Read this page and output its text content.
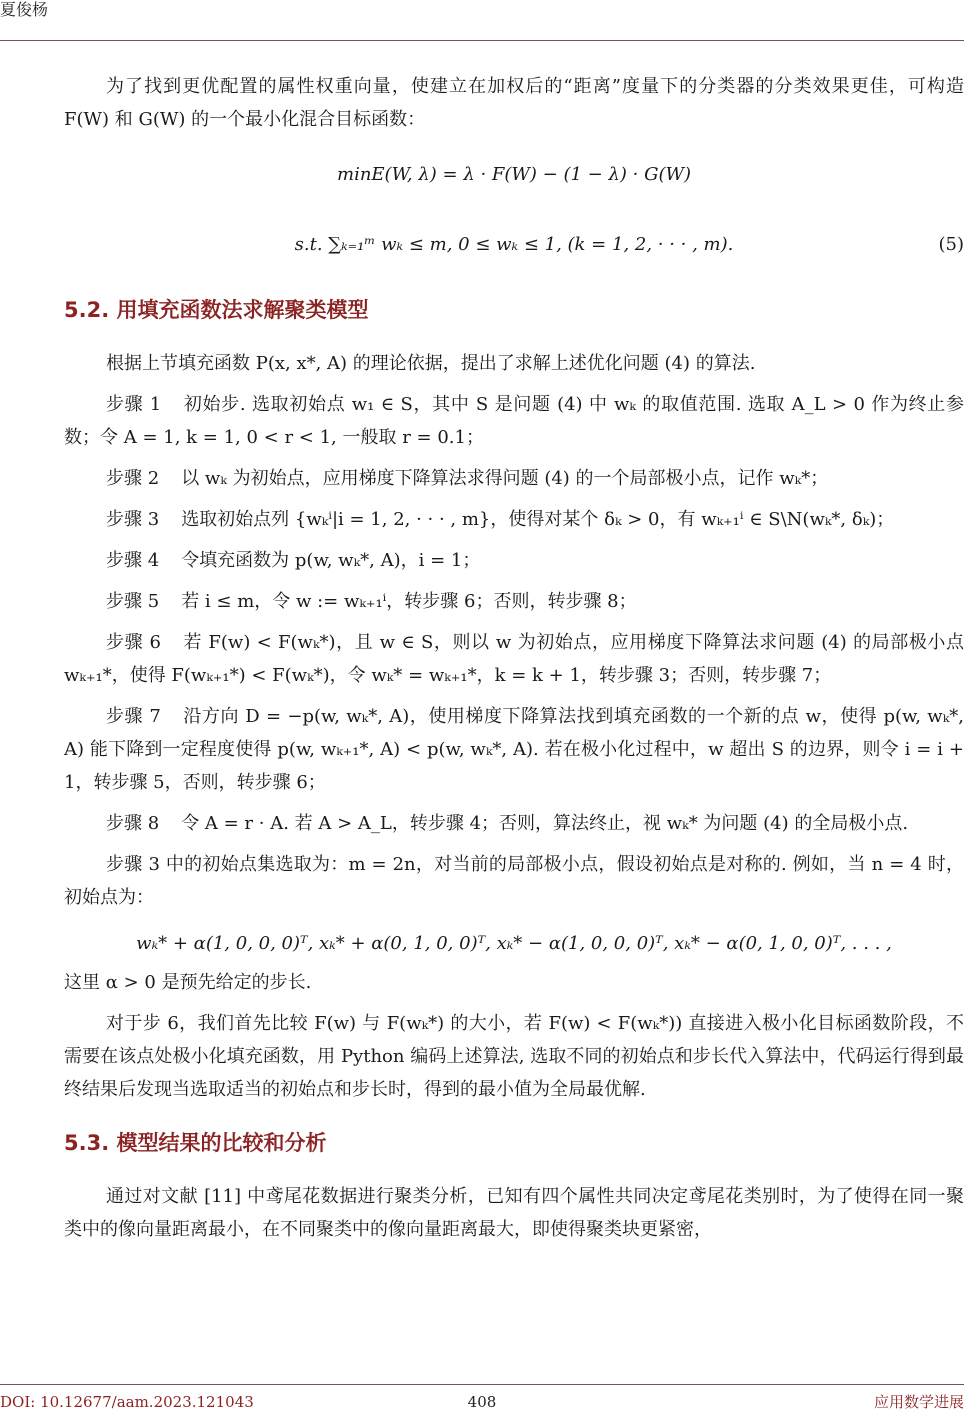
夏俊杨

为了找到更优配置的属性权重向量，使建立在加权后的“距离”度量下的分类器的分类效果更佳，可构造 F(W) 和 G(W) 的一个最小化混合目标函数：

minE(W, λ) = λ · F(W) − (1 − λ) · G(W)
s.t. ∑ₖ₌₁ᵐ wₖ ≤ m, 0 ≤ wₖ ≤ 1, (k = 1, 2, · · · , m).	(5)
5.2. 用填充函数法求解聚类模型

根据上节填充函数 P(x, x*, A) 的理论依据，提出了求解上述优化问题 (4) 的算法.

步骤 1 初始步. 选取初始点 w₁ ∈ S，其中 S 是问题 (4) 中 wₖ 的取值范围. 选取 A_L > 0 作为终止参数；令 A = 1, k = 1, 0 < r < 1, 一般取 r = 0.1；

步骤 2 以 wₖ 为初始点，应用梯度下降算法求得问题 (4) 的一个局部极小点，记作 wₖ*；

步骤 3 选取初始点列 {wₖⁱ|i = 1, 2, · · · , m}，使得对某个 δₖ > 0，有 wₖ₊₁ⁱ ∈ S\N(wₖ*, δₖ)；

步骤 4 令填充函数为 p(w, wₖ*, A)，i = 1；

步骤 5 若 i ≤ m，令 w := wₖ₊₁ⁱ，转步骤 6；否则，转步骤 8；

步骤 6 若 F(w) < F(wₖ*)，且 w ∈ S，则以 w 为初始点，应用梯度下降算法求问题 (4) 的局部极小点 wₖ₊₁*，使得 F(wₖ₊₁*) < F(wₖ*)，令 wₖ* = wₖ₊₁*，k = k + 1，转步骤 3；否则，转步骤 7；

步骤 7 沿方向 D = −p(w, wₖ*, A)，使用梯度下降算法找到填充函数的一个新的点 w，使得 p(w, wₖ*, A) 能下降到一定程度使得 p(w, wₖ₊₁*, A) < p(w, wₖ*, A). 若在极小化过程中，w 超出 S 的边界，则令 i = i + 1，转步骤 5，否则，转步骤 6；

步骤 8 令 A = r · A. 若 A > A_L，转步骤 4；否则，算法终止，视 wₖ* 为问题 (4) 的全局极小点.

步骤 3 中的初始点集选取为：m = 2n，对当前的局部极小点，假设初始点是对称的. 例如，当 n = 4 时，初始点为：

wₖ* + α(1, 0, 0, 0)ᵀ, xₖ* + α(0, 1, 0, 0)ᵀ, xₖ* − α(1, 0, 0, 0)ᵀ, xₖ* − α(0, 1, 0, 0)ᵀ, . . . ,

这里 α > 0 是预先给定的步长.

对于步 6，我们首先比较 F(w) 与 F(wₖ*) 的大小，若 F(w) < F(wₖ*)) 直接进入极小化目标函数阶段，不需要在该点处极小化填充函数，用 Python 编码上述算法, 选取不同的初始点和步长代入算法中，代码运行得到最终结果后发现当选取适当的初始点和步长时，得到的最小值为全局最优解.

5.3. 模型结果的比较和分析

通过对文献 [11] 中鸢尾花数据进行聚类分析，已知有四个属性共同决定鸢尾花类别时，为了使得在同一聚类中的像向量距离最小，在不同聚类中的像向量距离最大，即使得聚类块更紧密，

DOI: 10.12677/aam.2023.121043	408	应用数学进展
